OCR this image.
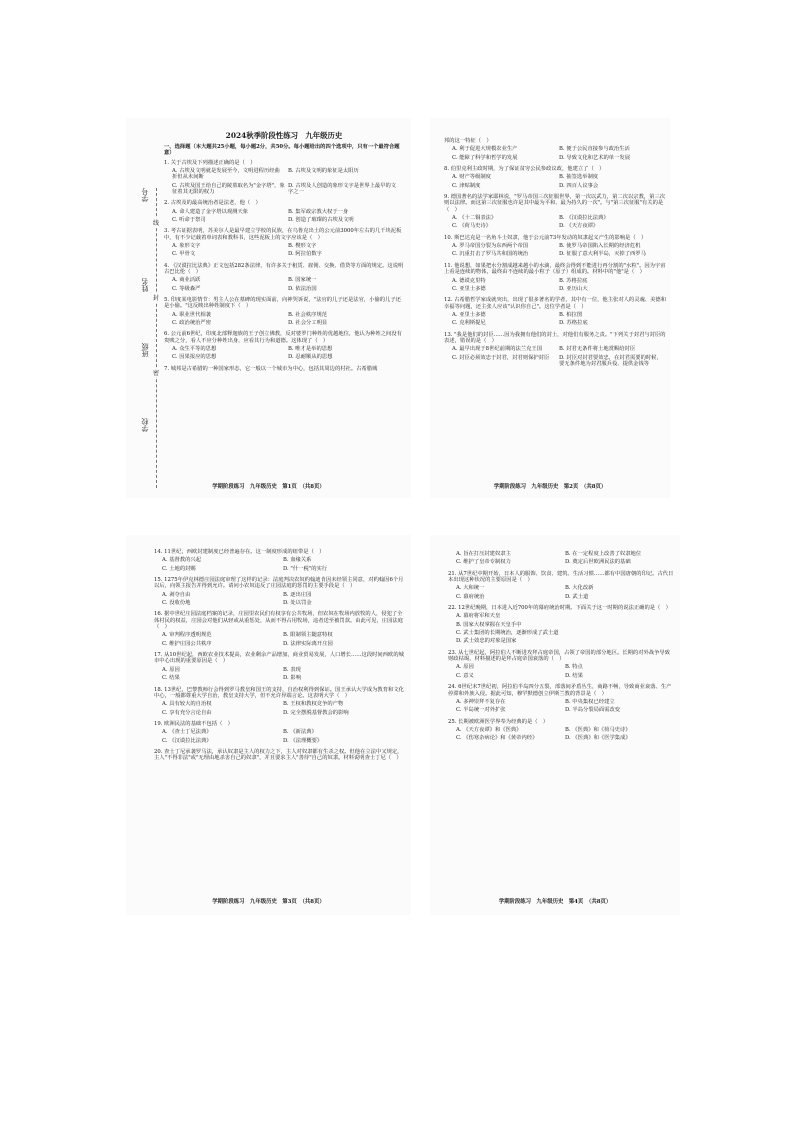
学号
姓名
班级
学校
线
封
密
2024秋季阶段性练习　九年级历史
一、选择题（本大题共25小题，每小题2分，共50分。每小题给出的四个选项中，只有一个最符合题意）
1. 关于古埃及下列描述正确的是（　）
A. 古埃及文明就是发展至今，文明进程历经曲折但从未间断
B. 古埃及文明的象征是太阳历
C. 古埃及国王给自己的陵墓取名为"金字塔"，象征着其无限的权力
D. 古埃及人创造的象形文字是世界上最早的文字之一
2. 古埃及的最高统治者是法老，他（　）
A. 命人建造了金字塔以观测天象	B. 集军政宗教大权于一身
C. 听命于祭司	D. 创造了璀璨的古埃及文明
3. 考古证据表明，苏美尔人是最早建立学校的民族，在乌鲁克出土的公元前3000年左右的几千块泥板中，有不少记载着单词表和教科书，这些泥板上的文字应该是（　）
A. 象形文字	B. 楔形文字
C. 甲骨文	D. 阿拉伯数字
4. 《汉谟拉比法典》正文包括282条法律，有许多关于租赁、雇佣、交换、借贷等方面的规定。这说明古巴比伦（　）
A. 商业活跃	B. 国家统一
C. 等级森严	D. 依法治国
5. 印度某电影情节：男主人公在墓碑的现实面前，向神哭诉说，"法官的儿子还是法官，小偷的儿子还是小偷。"这反映出种姓制度下（　）
A. 职业世代相袭	B. 社会秩序规范
C. 政治统治严密	D. 社会分工明显
6. 公元前6世纪，印度北部释迦族的王子创立佛教，反对婆罗门种姓的优越地位，他认为种姓之间没有贵贱之分，看人不应分种姓出身，应看其行为和道德。这体现了（　）
A. 众生平等的思想	B. 唯才是举的思想
C. 因果报应的思想	D. 忍耐顺从的思想
7. 城邦是古希腊的一种国家形态，它一般以一个城市为中心，包括其周边的村社。古希腊城
学期阶段练习　九年级历史　第1页　（共8页）
邦的这一特征（　）
A. 利于促进大规模农业生产	B. 便于公民直接参与政治生活
C. 能障了科学和哲学的发展	D. 导致文化和艺术的单一发展
8. 伯里克利主政时期，为了保证贫穷公民参政议政，他建立了（　）
A. 财产等级制度	B. 抽签选举制度
C. 津贴制度	D. 四百人议事会
9. 德国著名的法学家耶林说，"罗马帝国三次征服世界，第一次以武力，第二次以宗教，第三次则以法律。而这第三次征服也许是其中最为平和、最为持久的一次"。与"第三次征服"有关的是（　）
A. 《十二铜表法》	B. 《汉谟拉比法典》
C. 《荷马史诗》	D. 《天方夜谭》
10. 斯巴达克是一名角斗士奴隶，他于公元前73年发动的奴隶起义产生的影响是（　）
A. 罗马帝国分裂为东西两个帝国	B. 使罗马帝国陷入长期的经济危机
C. 沉重打击了罗马共和国的统治	D. 征服了意大利半岛，灭掉了西罗马
11. 他说想，如果把水分割成越来越小的水滴，最终会得到不能进行再分割的"水粒"。因为宇宙上看是连续的物体，最终由不连续的最小粒子（原子）组成的。材料中的"他"是（　）
A. 德谟克里特	B. 苏格拉底
C. 亚里士多德	D. 亚历山大
12. 古希腊哲学家成就突出，出现了很多著名的学者，其中有一位，他主张对人的灵魂、美德和幸福等问题，还主张人应该"认识你自己"。这位学者是（　）
A. 亚里士多德	B. 柏拉图
C. 克利斯提尼	D. 苏格拉底
13. "我是他们的封臣……因为我拥有他们的封土，对他们有服务之责。"下列关于封君与封臣的表述，错误的是（　）
A. 最早出现于8世纪前期的法兰克王国	B. 封君无条件将土地赏赐给封臣
C. 封臣必须效忠于封君，封君则保护封臣	D. 封臣对封君要效忠，在封君需要的时候，要无条件地为封君服兵役、提供金钱等
学期阶段练习　九年级历史　第2页　（共8页）
14. 11世纪，西欧封建制度已经普遍存在。这一制度形成的纽带是（　）
A. 基督教的兴起	B. 血缘关系
C. 土地的封赐	D. "什一税"的实行
15. 1275年伊克林德庄园法庭审理了这样的记录：法庭判决农奴约翰迪肯因未经领主同意，对约翰因6个月以后，向领主报告并得到允许。请问小农奴违反了庄园法庭的惩罚的主要手段是（　）
A. 剥夺自由	B. 逐出庄园
C. 没收份地	D. 处以罚金
16. 据中世纪庄园法庭档案的记录，庄园里农民们有权享有公共牧场，但农奴在牧场内放牧的人，侵犯了全体村民的权益，庄园会对他们从轻或从重惩处，从而不得占用牧场，违者送至被罚款。由此可见，庄园法庭（　）
A. 审判程序透明规范	B. 限制领主随意特权
C. 维护庄园公共秩序	D. 法律实际离开庄园
17. 从10世纪起，西欧农业技术提高，农业剩余产品增加，商业贸易发展，人口增长……这段时间西欧的城市中心出现的重要原因是（　）
A. 原因	B. 表现
C. 结果	D. 影响
18. 13世纪，巴黎教师行会得到罗马教皇和国王的支持，自治权利得到保证。国王承认大学成为教育和文化中心，一般都尊重大学自治，教皇支持大学，但不允许异端言论。这表明大学（　）
A. 具有较大的自治权	B. 王权和教权竞争的产物
C. 享有充分言论自由	D. 完全摆脱基督教会的影响
19. 欧洲民法的基础不包括（　）
A. 《查士丁尼法典》	B. 《新法典》
C. 《汉谟拉比法典》	D. 《法理概要》
20. 查士丁尼承袭罗马法，承认奴隶是主人的权力之下，主人对奴隶都有生杀之权。但他在立法中又规定，主人"不得非法"或"无理由地杀害自己的奴隶"，并且要求主人"善待"自己的奴隶。材料说明查士丁尼（　）
学期阶段练习　九年级历史　第3页　（共8页）
A. 旨在打压封建奴隶主	B. 在一定程度上改善了奴隶地位
C. 维护了皇帝专制权力	D. 奠定后世欧洲民法的基础
21. 从7世纪中期开始，日本人的服饰、饮食、建筑、生活习惯……都有中国唐朝的印记。古代日本出现这种状况的主要原因是（　）
A. 大和统一	B. 大化改新
C. 幕府统治	D. 武士道
22. 12世纪晚期，日本进入近700年的幕府统治时期。下面关于这一时期的说法正确的是（　）
A. 幕府将军和天皇
B. 国家大权掌握在天皇手中
C. 武士集团的长期统治，逐渐形成了武士道
D. 武士效忠的对象是国家
23. 从七世纪起，阿拉伯人不断进攻拜占庭帝国，占领了帝国的部分地区。长期的对外战争导致财政枯竭，材料描述的是拜占庭帝国衰落的（　）
A. 原因	B. 特点
C. 意义	D. 结果
24. 6世纪末7世纪初，阿拉伯半岛四分五裂，部落间矛盾丛生，商路不畅，导致商业衰落、生产停滞和外族入侵。据此可知，穆罕默德创立伊斯兰教的背景是（　）
A. 多神崇拜不复存在	B. 中央集权已经建立
C. 半岛统一对外扩张	D. 半岛分裂局面需改变
25. 长期被欧洲医学界奉为经典的是（　）
A. 《天方夜谭》和《医典》	B. 《医典》和《荷马史诗》
C. 《伤寒杂病论》和《黄帝内经》	D. 《医典》和《医学集成》
学期阶段练习　九年级历史　第4页　（共8页）
